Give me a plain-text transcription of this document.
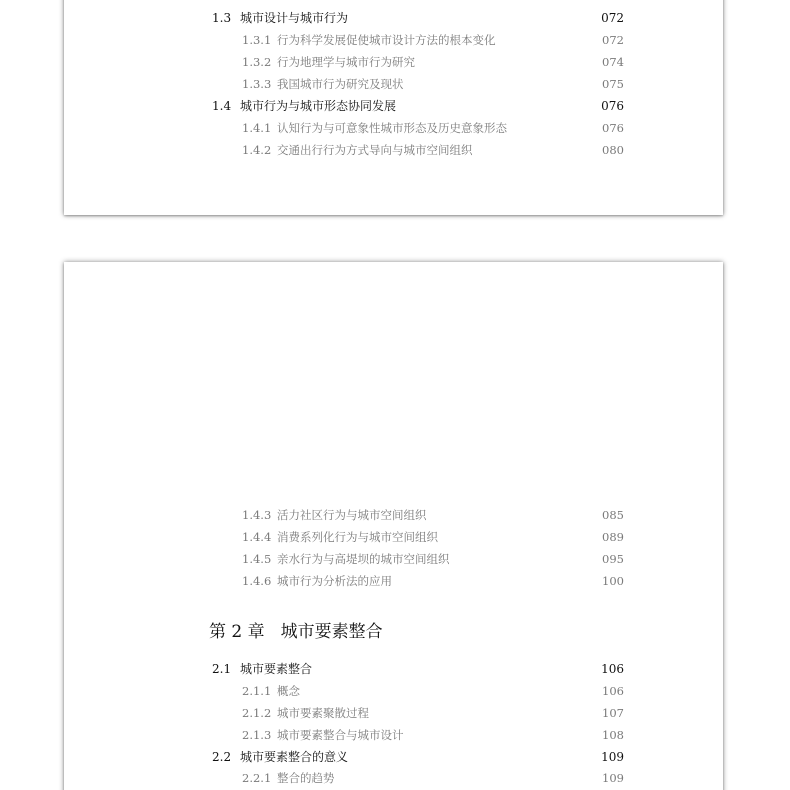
1.3 城市设计与城市行为	072
1.3.1 行为科学发展促使城市设计方法的根本变化	072
1.3.2 行为地理学与城市行为研究	074
1.3.3 我国城市行为研究及现状	075
1.4 城市行为与城市形态协同发展	076
1.4.1 认知行为与可意象性城市形态及历史意象形态	076
1.4.2 交通出行行为方式导向与城市空间组织	080
1.4.3 活力社区行为与城市空间组织	085
1.4.4 消费系列化行为与城市空间组织	089
1.4.5 亲水行为与高堤坝的城市空间组织	095
1.4.6 城市行为分析法的应用	100
第 2 章 城市要素整合
2.1 城市要素整合	106
2.1.1 概念	106
2.1.2 城市要素聚散过程	107
2.1.3 城市要素整合与城市设计	108
2.2 城市要素整合的意义	109
2.2.1 整合的趋势	109
